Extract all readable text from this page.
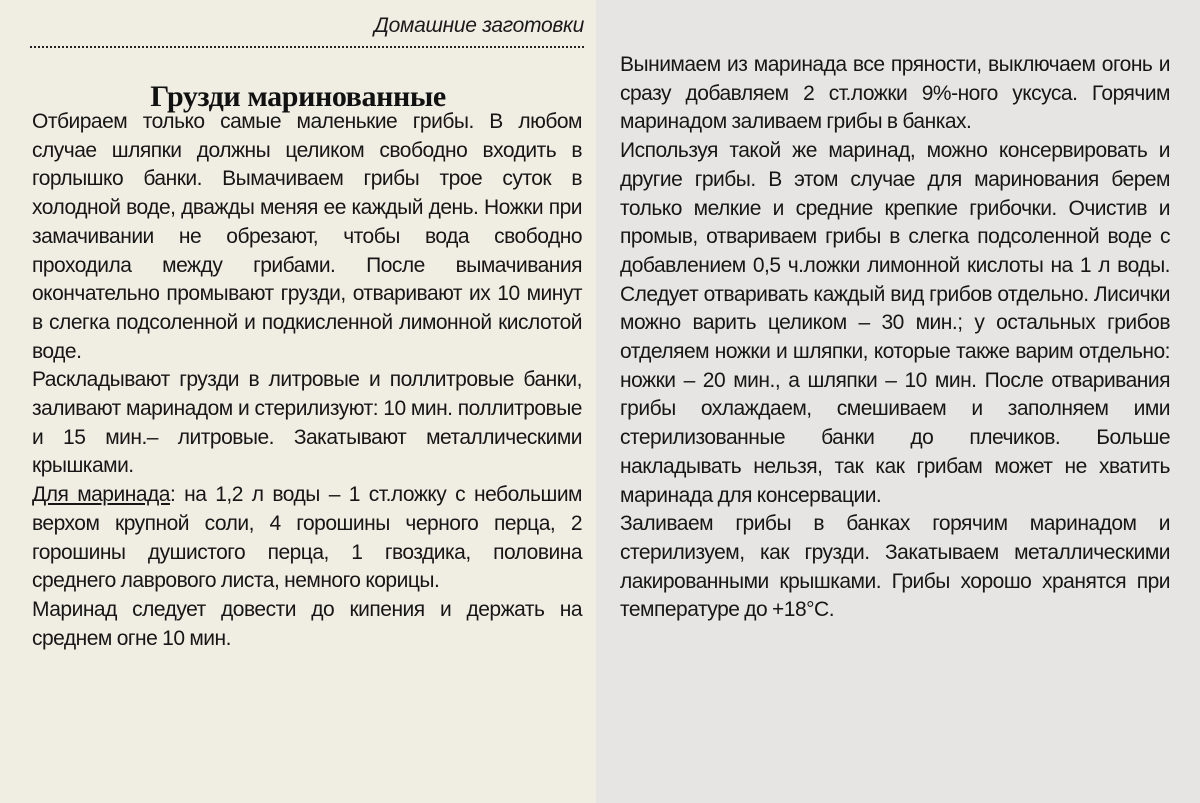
Домашние заготовки
Грузди маринованные

Отбираем только самые маленькие грибы. В любом случае шляпки должны целиком свободно входить в горлышко банки. Вымачиваем грибы трое суток в холодной воде, дважды меняя ее каждый день. Ножки при замачивании не обрезают, чтобы вода свободно проходила между грибами. После вымачивания окончательно промывают грузди, отваривают их 10 минут в слегка подсоленной и подкисленной лимонной кислотой воде.

Раскладывают грузди в литровые и поллитровые банки, заливают маринадом и стерилизуют: 10 мин. поллитровые и 15 мин.– литровые. Закатывают металлическими крышками.

Для маринада: на 1,2 л воды – 1 ст.ложку с небольшим верхом крупной соли, 4 горошины черного перца, 2 горошины душистого перца, 1 гвоздика, половина среднего лаврового листа, немного корицы.

Маринад следует довести до кипения и держать на среднем огне 10 мин.

Вынимаем из маринада все пряности, выключаем огонь и сразу добавляем 2 ст.ложки 9%-ного уксуса. Горячим маринадом заливаем грибы в банках.

Используя такой же маринад, можно консервировать и другие грибы. В этом случае для маринования берем только мелкие и средние крепкие грибочки. Очистив и промыв, отвариваем грибы в слегка подсоленной воде с добавлением 0,5 ч.ложки лимонной кислоты на 1 л воды. Следует отваривать каждый вид грибов отдельно. Лисички можно варить целиком – 30 мин.; у остальных грибов отделяем ножки и шляпки, которые также варим отдельно: ножки – 20 мин., а шляпки – 10 мин. После отваривания грибы охлаждаем, смешиваем и заполняем ими стерилизованные банки до плечиков. Больше накладывать нельзя, так как грибам может не хватить маринада для консервации.

Заливаем грибы в банках горячим маринадом и стерилизуем, как грузди. Закатываем металлическими лакированными крышками. Грибы хорошо хранятся при температуре до +18°С.
